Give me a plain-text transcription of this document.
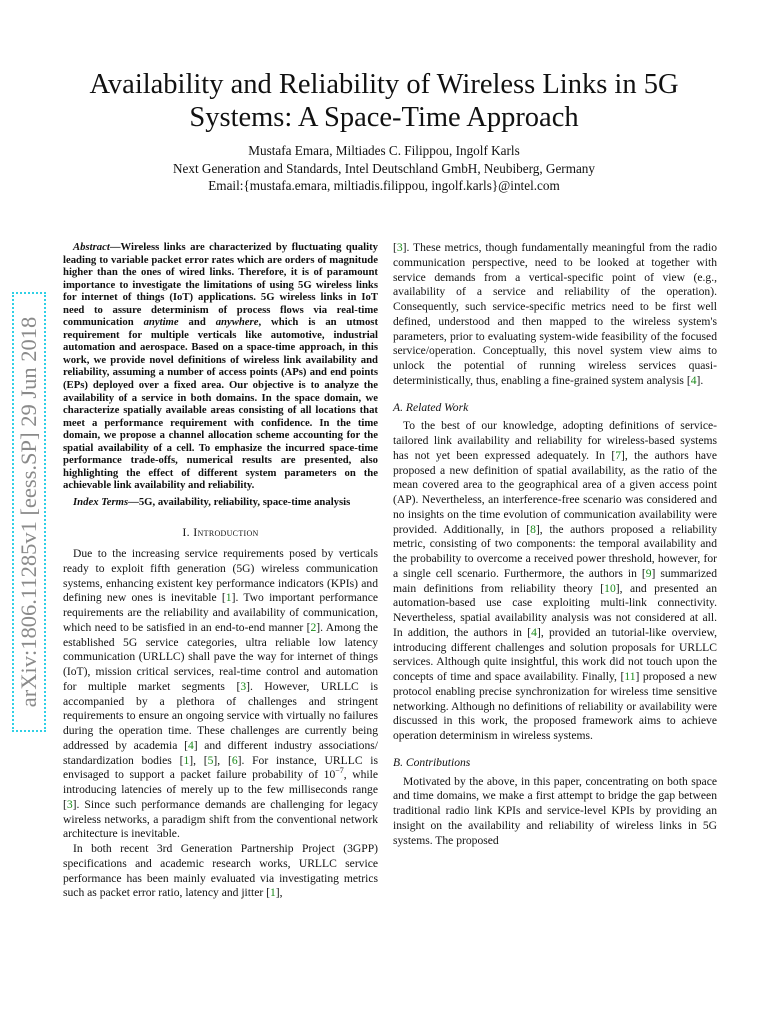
Availability and Reliability of Wireless Links in 5G Systems: A Space-Time Approach
Mustafa Emara, Miltiades C. Filippou, Ingolf Karls
Next Generation and Standards, Intel Deutschland GmbH, Neubiberg, Germany
Email:{mustafa.emara, miltiadis.filippou, ingolf.karls}@intel.com
arXiv:1806.11285v1 [eess.SP] 29 Jun 2018

Abstract—Wireless links are characterized by fluctuating quality leading to variable packet error rates which are orders of magnitude higher than the ones of wired links. Therefore, it is of paramount importance to investigate the limitations of using 5G wireless links for internet of things (IoT) applications. 5G wireless links in IoT need to assure determinism of process flows via real-time communication anytime and anywhere, which is an utmost requirement for multiple verticals like automotive, industrial automation and aerospace. Based on a space-time approach, in this work, we provide novel definitions of wireless link availability and reliability, assuming a number of access points (APs) and end points (EPs) deployed over a fixed area. Our objective is to analyze the availability of a service in both domains. In the space domain, we characterize spatially available areas consisting of all locations that meet a performance requirement with confidence. In the time domain, we propose a channel allocation scheme accounting for the spatial availability of a cell. To emphasize the incurred space-time performance trade-offs, numerical results are presented, also highlighting the effect of different system parameters on the achievable link availability and reliability.

Index Terms—5G, availability, reliability, space-time analysis

I. Introduction

Due to the increasing service requirements posed by verticals ready to exploit fifth generation (5G) wireless communication systems, enhancing existent key performance indicators (KPIs) and defining new ones is inevitable [ 1 ] . Two important performance requirements are the reliability and availability of communication, which need to be satisfied in an end-to-end manner [ 2 ] . Among the established 5G service categories, ultra reliable low latency communication (URLLC) shall pave the way for internet of things (IoT), mission critical services, real-time control and automation for multiple market segments [ 3 ] . However, URLLC is accompanied by a plethora of challenges and stringent requirements to ensure an ongoing service with virtually no failures during the operation time. These challenges are currently being addressed by academia [ 4 ] and different industry associations/ standardization bodies [ 1 ] , [ 5 ] , [ 6 ] . For instance, URLLC is envisaged to support a packet failure probability of $10^{-7}$, while introducing latencies of merely up to the few milliseconds range [ 3 ] . Since such performance demands are challenging for legacy wireless networks, a paradigm shift from the conventional network architecture is inevitable.

In both recent 3rd Generation Partnership Project (3GPP) specifications and academic research works, URLLC service performance has been mainly evaluated via investigating metrics such as packet error ratio, latency and jitter [ 1 ] ,

[ 3 ] . These metrics, though fundamentally meaningful from the radio communication perspective, need to be looked at together with service demands from a vertical-specific point of view (e.g., availability of a service and reliability of the operation). Consequently, such service-specific metrics need to be first well defined, understood and then mapped to the wireless system's parameters, prior to evaluating system-wide feasibility of the focused service/operation. Conceptually, this novel system view aims to unlock the potential of running wireless services quasi-deterministically, thus, enabling a fine-grained system analysis [ 4 ] .

A. Related Work

To the best of our knowledge, adopting definitions of service-tailored link availability and reliability for wireless-based systems has not yet been expressed adequately. In [ 7 ] , the authors have proposed a new definition of spatial availability, as the ratio of the mean covered area to the geographical area of a given access point (AP). Nevertheless, an interference-free scenario was considered and no insights on the time evolution of communication availability were provided. Additionally, in [ 8 ] , the authors proposed a reliability metric, consisting of two components: the temporal availability and the probability to overcome a received power threshold, however, for a single cell scenario. Furthermore, the authors in [ 9 ] summarized main definitions from reliability theory [ 10 ] , and presented an automation-based use case exploiting multi-link connectivity. Nevertheless, spatial availability analysis was not considered at all. In addition, the authors in [ 4 ] , provided an tutorial-like overview, introducing different challenges and solution proposals for URLLC services. Although quite insightful, this work did not touch upon the concepts of time and space availability. Finally, [ 11 ] proposed a new protocol enabling precise synchronization for wireless time sensitive networking. Although no definitions of reliability or availability were discussed in this work, the proposed framework aims to achieve operation determinism in wireless systems.

B. Contributions

Motivated by the above, in this paper, concentrating on both space and time domains, we make a first attempt to bridge the gap between traditional radio link KPIs and service-level KPIs by providing an insight on the availability and reliability of wireless links in 5G systems. The proposed
